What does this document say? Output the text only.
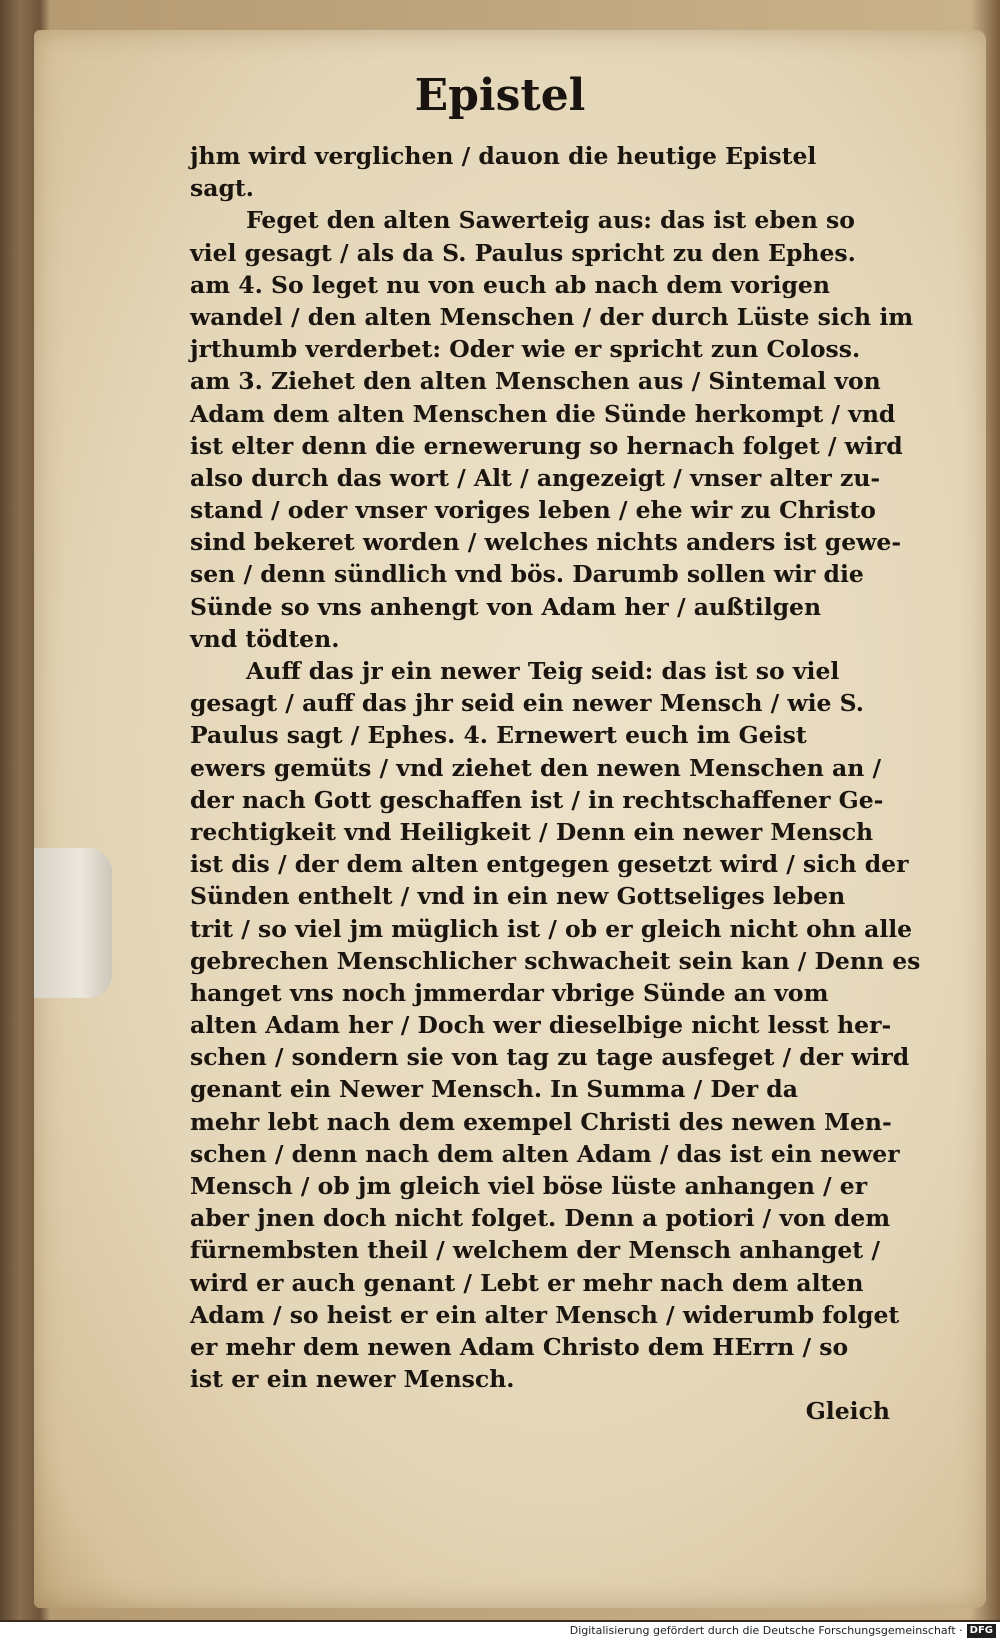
Epistel
jhm wird verglichen / dauon die heutige Epistel
sagt.
Feget den alten Sawerteig aus: das ist eben so
viel gesagt / als da S. Paulus spricht zu den Ephes.
am 4. So leget nu von euch ab nach dem vorigen
wandel / den alten Menschen / der durch Lüste sich im
jrthumb verderbet: Oder wie er spricht zun Coloss.
am 3. Ziehet den alten Menschen aus / Sintemal von
Adam dem alten Menschen die Sünde herkompt / vnd
ist elter denn die ernewerung so hernach folget / wird
also durch das wort / Alt / angezeigt / vnser alter zu-
stand / oder vnser voriges leben / ehe wir zu Christo
sind bekeret worden / welches nichts anders ist gewe-
sen / denn sündlich vnd bös. Darumb sollen wir die
Sünde so vns anhengt von Adam her / außtilgen
vnd tödten.
Auff das jr ein newer Teig seid: das ist so viel
gesagt / auff das jhr seid ein newer Mensch / wie S.
Paulus sagt / Ephes. 4. Ernewert euch im Geist
ewers gemüts / vnd ziehet den newen Menschen an /
der nach Gott geschaffen ist / in rechtschaffener Ge-
rechtigkeit vnd Heiligkeit / Denn ein newer Mensch
ist dis / der dem alten entgegen gesetzt wird / sich der
Sünden enthelt / vnd in ein new Gottseliges leben
trit / so viel jm müglich ist / ob er gleich nicht ohn alle
gebrechen Menschlicher schwacheit sein kan / Denn es
hanget vns noch jmmerdar vbrige Sünde an vom
alten Adam her / Doch wer dieselbige nicht lesst her-
schen / sondern sie von tag zu tage ausfeget / der wird
genant ein Newer Mensch. In Summa / Der da
mehr lebt nach dem exempel Christi des newen Men-
schen / denn nach dem alten Adam / das ist ein newer
Mensch / ob jm gleich viel böse lüste anhangen / er
aber jnen doch nicht folget. Denn a potiori / von dem
fürnembsten theil / welchem der Mensch anhanget /
wird er auch genant / Lebt er mehr nach dem alten
Adam / so heist er ein alter Mensch / widerumb folget
er mehr dem newen Adam Christo dem HErrn / so
ist er ein newer Mensch.
Gleich
Digitalisierung gefördert durch die Deutsche Forschungsgemeinschaft · DFG
